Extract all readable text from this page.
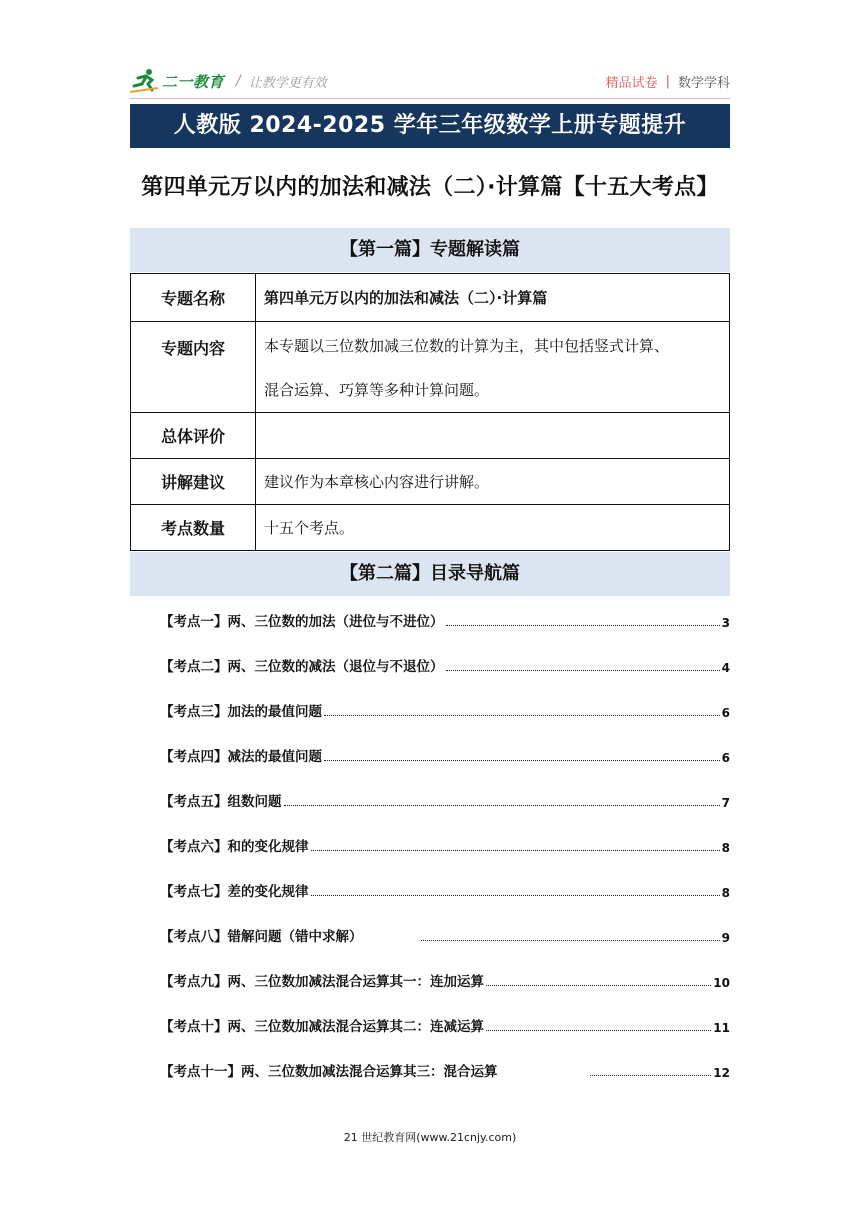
二一教育 / 让教学更有效	精品试卷 | 数学学科
人教版 2024-2025 学年三年级数学上册专题提升
第四单元万以内的加法和减法（二）·计算篇【十五大考点】
【第一篇】专题解读篇
专题名称	第四单元万以内的加法和减法（二）·计算篇
专题内容	本专题以三位数加减三位数的计算为主，其中包括竖式计算、
混合运算、巧算等多种计算问题。

总体评价	
讲解建议	建议作为本章核心内容进行讲解。
考点数量	十五个考点。
【第二篇】目录导航篇
【考点一】两、三位数的加法（进位与不进位）	3
【考点二】两、三位数的减法（退位与不退位）	4
【考点三】加法的最值问题	6
【考点四】减法的最值问题	6
【考点五】组数问题	7
【考点六】和的变化规律	8
【考点七】差的变化规律	8
【考点八】错解问题（错中求解）	9
【考点九】两、三位数加减法混合运算其一：连加运算	10
【考点十】两、三位数加减法混合运算其二：连减运算	11
【考点十一】两、三位数加减法混合运算其三：混合运算	12
21 世纪教育网(www.21cnjy.com)
